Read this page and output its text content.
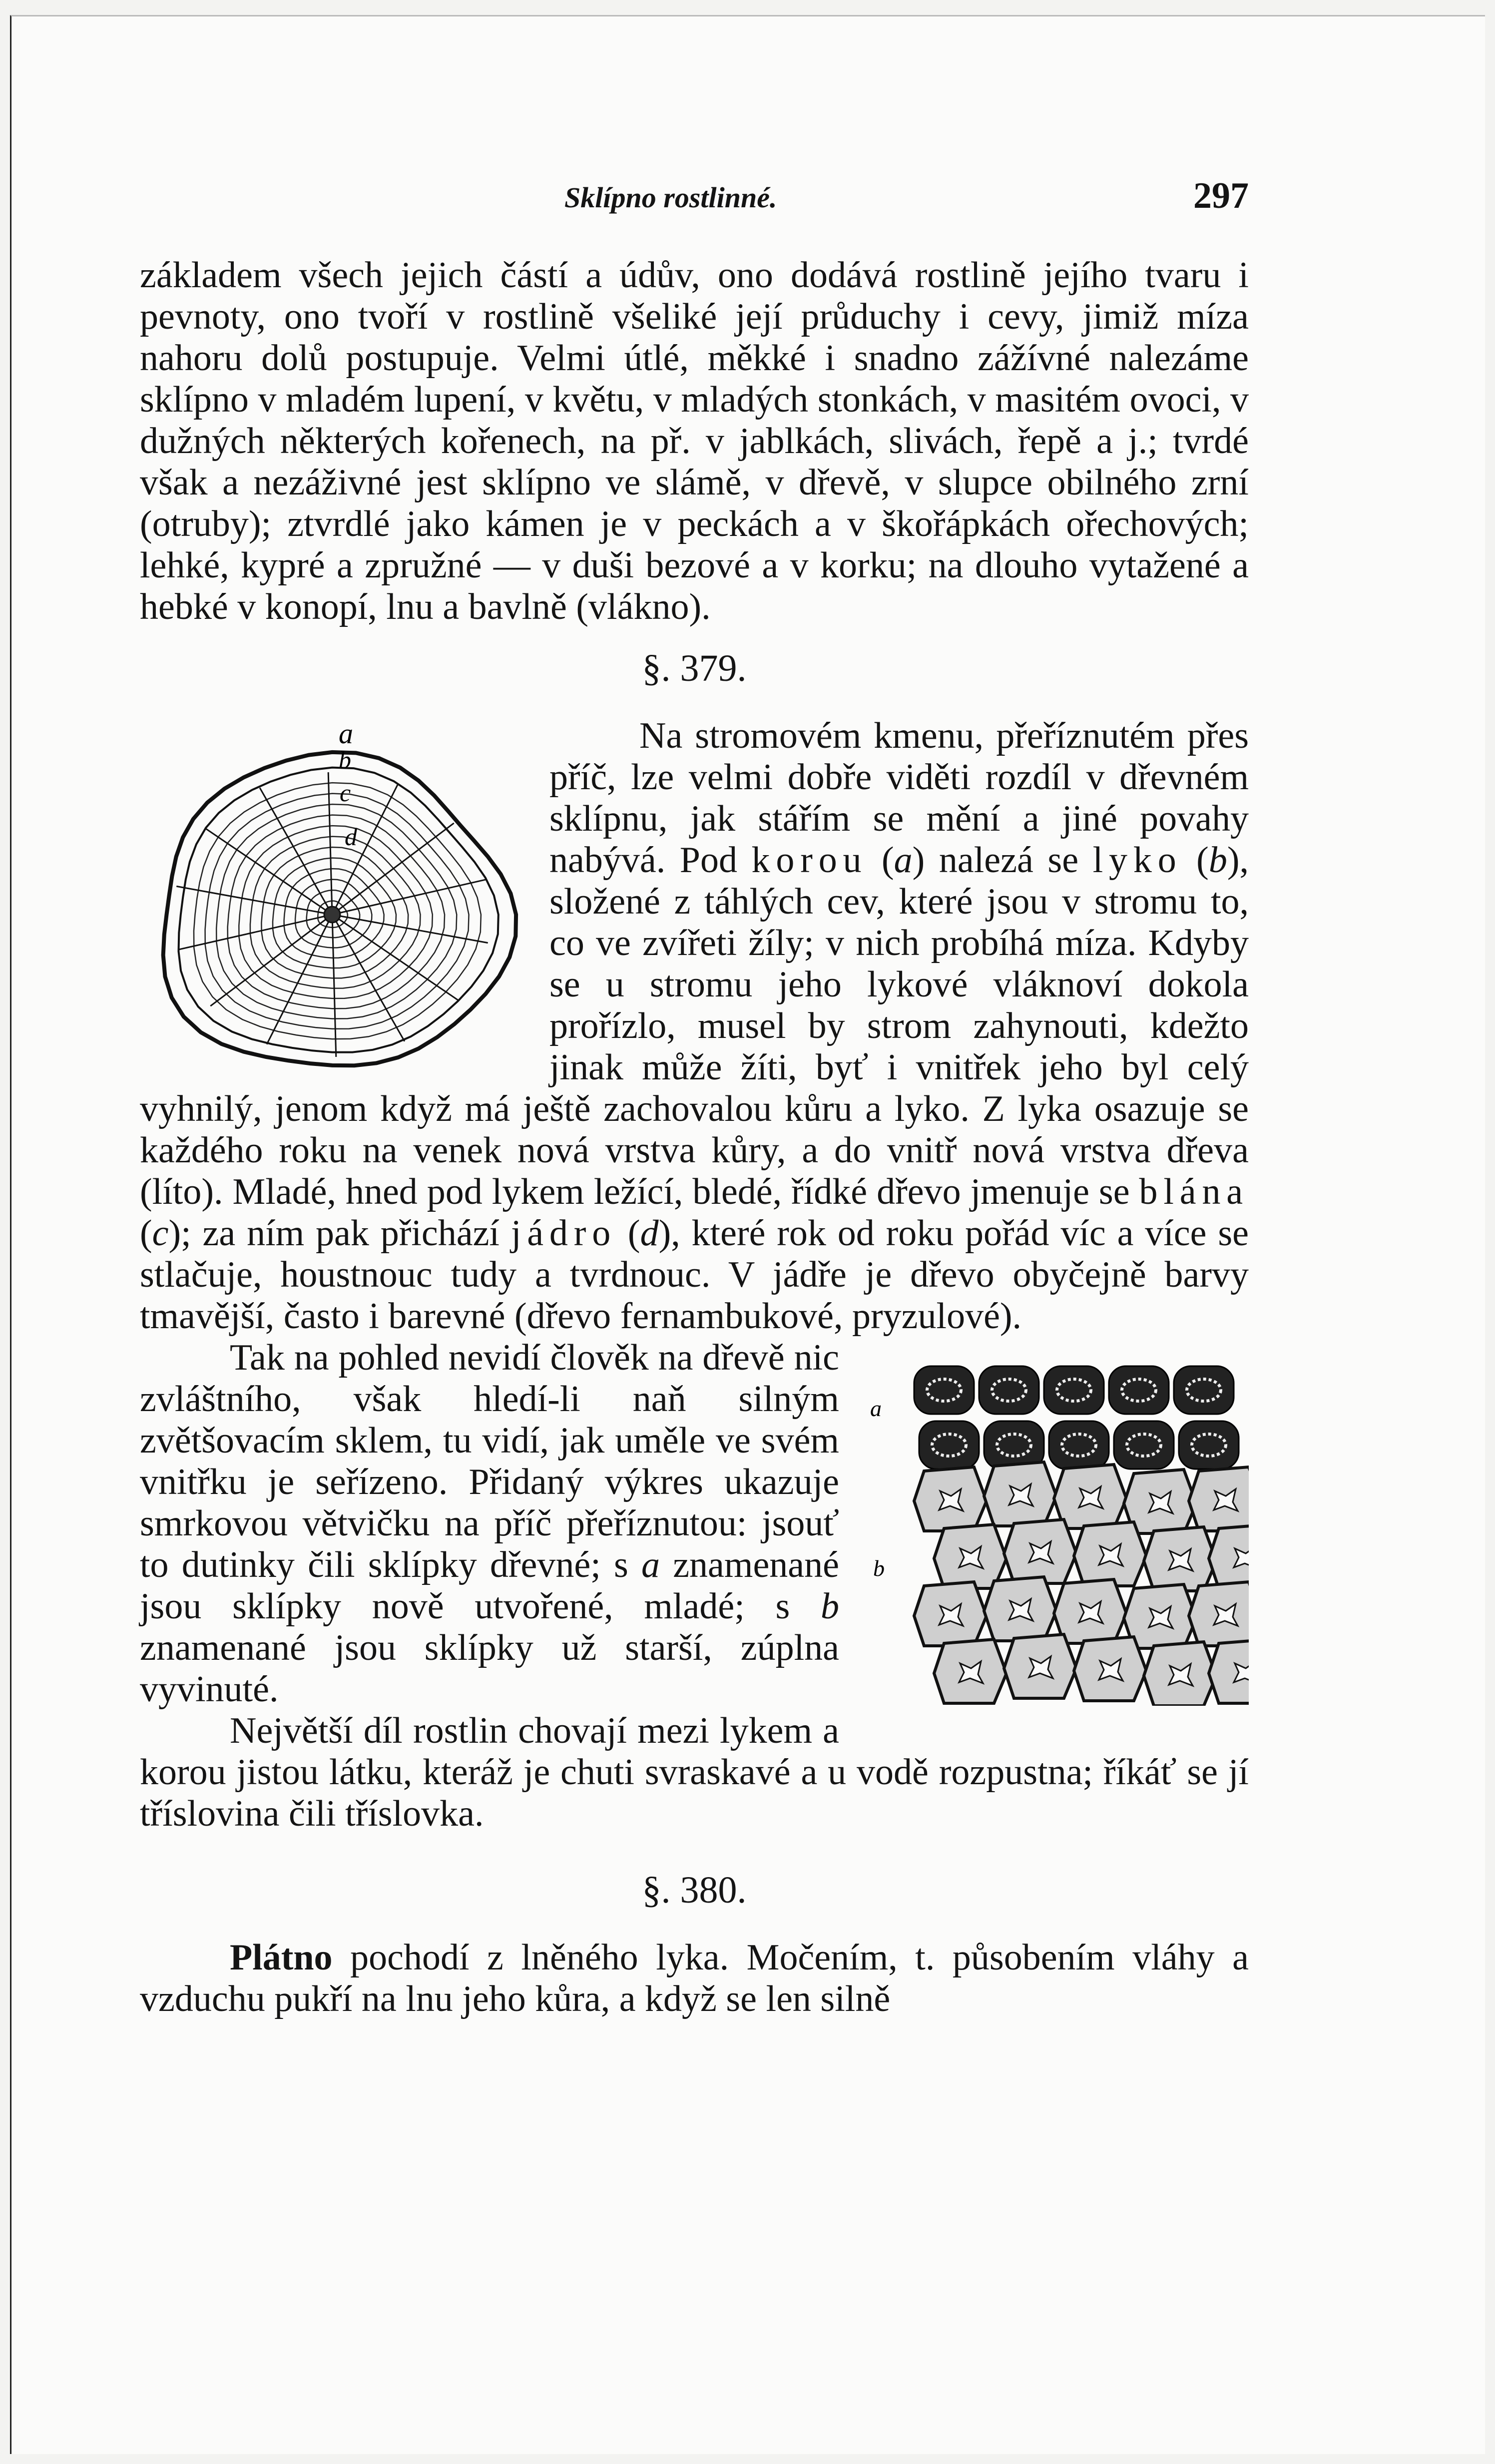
Sklípno rostlinné.	297

základem všech jejich částí a údův, ono dodává rostlině jejího tvaru i pevnoty, ono tvoří v rostlině všeliké její průduchy i cevy, jimiž míza nahoru dolů postupuje. Velmi útlé, měkké i snadno zážívné nalezáme sklípno v mladém lupení, v květu, v mladých stonkách, v masitém ovoci, v dužných některých kořenech, na př. v jablkách, slivách, řepě a j.; tvrdé však a nezáživné jest sklípno ve slámě, v dřevě, v slupce obilného zrní (otruby); ztvrdlé jako kámen je v peckách a v škořápkách ořechových; lehké, kypré a zpružné — v duši bezové a v korku; na dlouho vytažené a hebké v konopí, lnu a bavlně (vlákno).

§. 379.
a
b
c
d

Na stromovém kmenu, přeříznutém přes příč, lze velmi dobře viděti rozdíl v dřevném sklípnu, jak stářím se mění a jiné povahy nabývá. Pod korou (a) nalezá se lyko (b), složené z táhlých cev, které jsou v stromu to, co ve zvířeti žíly; v nich probíhá míza. Kdyby se u stromu jeho lykové vláknoví dokola prořízlo, musel by strom zahynouti, kdežto jinak může žíti, byť i vnitřek jeho byl celý vyhnilý, jenom když má ještě zachovalou kůru a lyko. Z lyka osazuje se každého roku na venek nová vrstva kůry, a do vnitř nová vrstva dřeva (líto). Mladé, hned pod lykem ležící, bledé, řídké dřevo jmenuje se blána (c); za ním pak přichází jádro (d), které rok od roku pořád víc a více se stlačuje, houstnouc tudy a tvrdnouc. V jádře je dřevo obyčejně barvy tmavější, často i barevné (dřevo fernambukové, pryzulové).

a
b

Tak na pohled nevidí člověk na dřevě nic zvláštního, však hledí-li naň silným zvětšovacím sklem, tu vidí, jak uměle ve svém vnitřku je seřízeno. Přidaný výkres ukazuje smrkovou větvičku na příč přeříznutou: jsouť to dutinky čili sklípky dřevné; s a znamenané jsou sklípky nově utvořené, mladé; s b znamenané jsou sklípky už starší, zúplna vyvinuté.

Největší díl rostlin chovají mezi lykem a korou jistou látku, kteráž je chuti svraskavé a u vodě rozpustna; říkáť se jí tříslovina čili tříslovka.

§. 380.

Plátno pochodí z lněného lyka. Močením, t. působením vláhy a vzduchu pukří na lnu jeho kůra, a když se len silně
